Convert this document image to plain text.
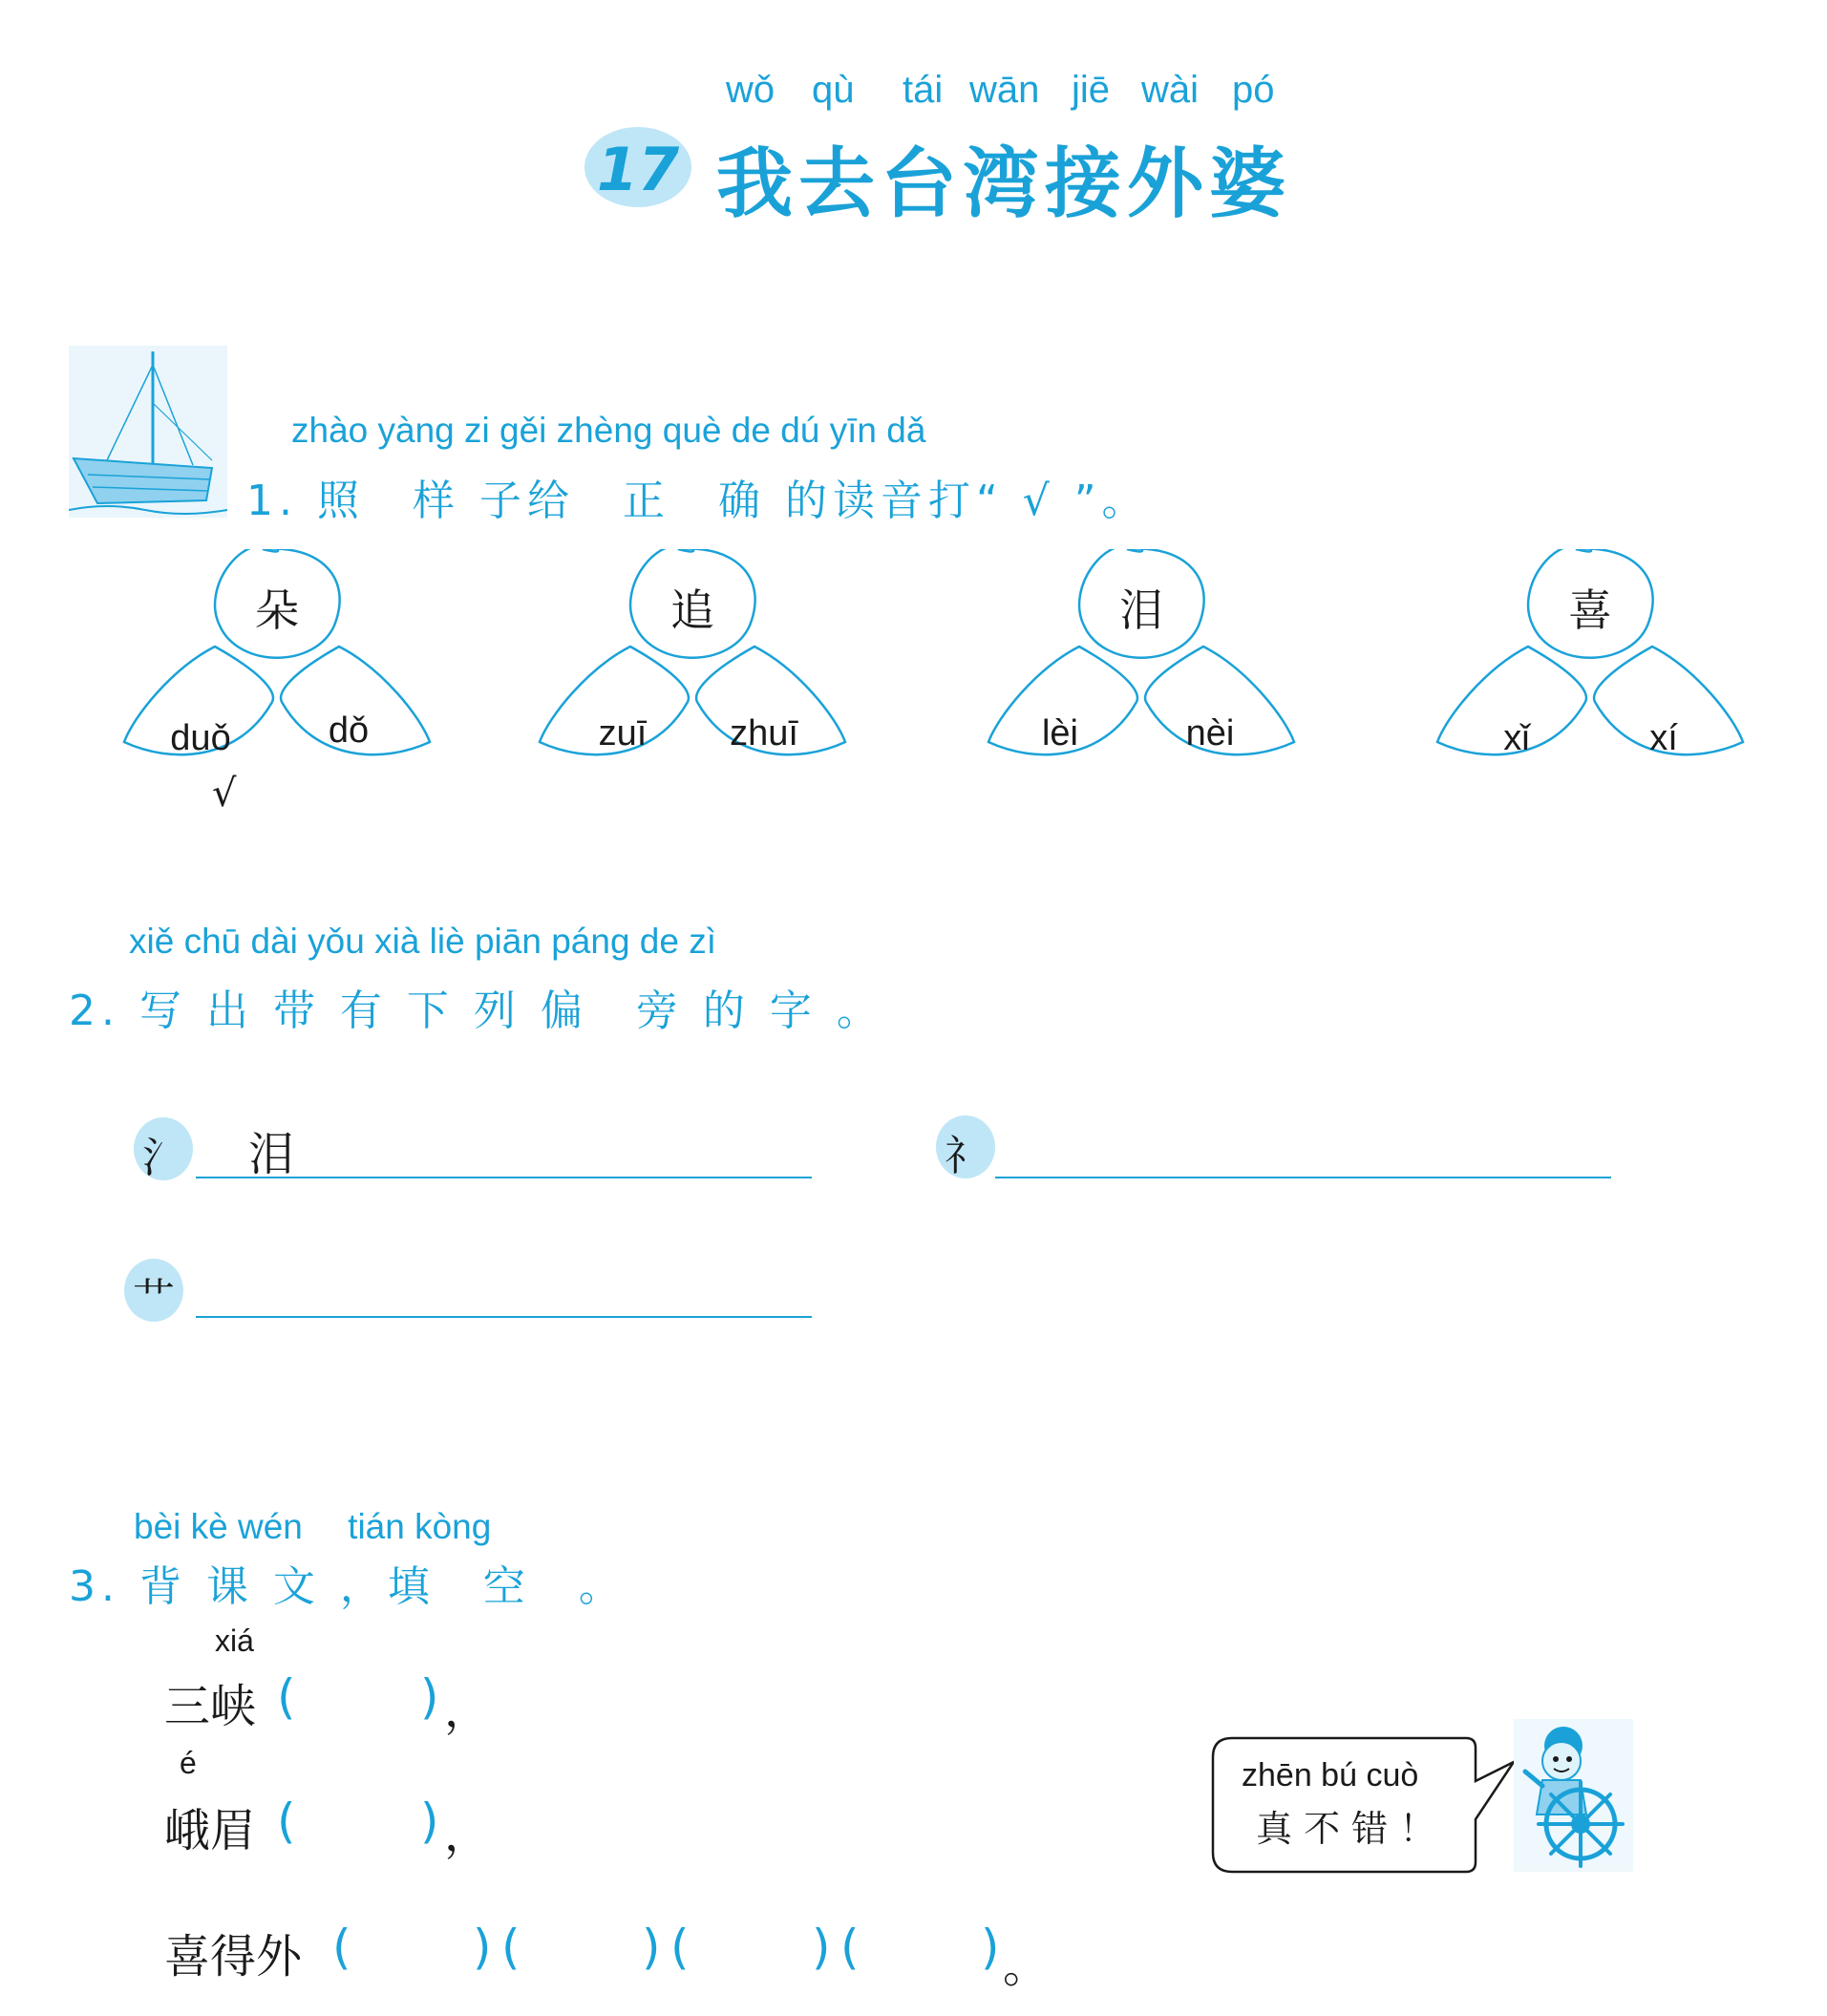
wǒ qù tái wān jiē wài pó
17 我去台湾接外婆
zhào yàng zi gěi zhèng què de dú yīn dǎ
1. 照　样 子给　正　确 的读音打“ √ ”。
朵
duǒ	dǒ
追
zuī zhuī
泪
lèi	nèi
喜
xǐ	xí
√
xiě chū dài yǒu xià liè piān páng de zì
2. 写 出 带 有 下 列 偏　旁 的 字 。
氵 泪	礻
艹
bèi kè wén　 tián kòng
3. 背 课 文 ，填　空　。
xiá
三峡 (	) ，
é
峨眉 (	) ，
喜得外 (	) (	) (	) (	) 。
zhēn bú cuò
真 不 错 ！
